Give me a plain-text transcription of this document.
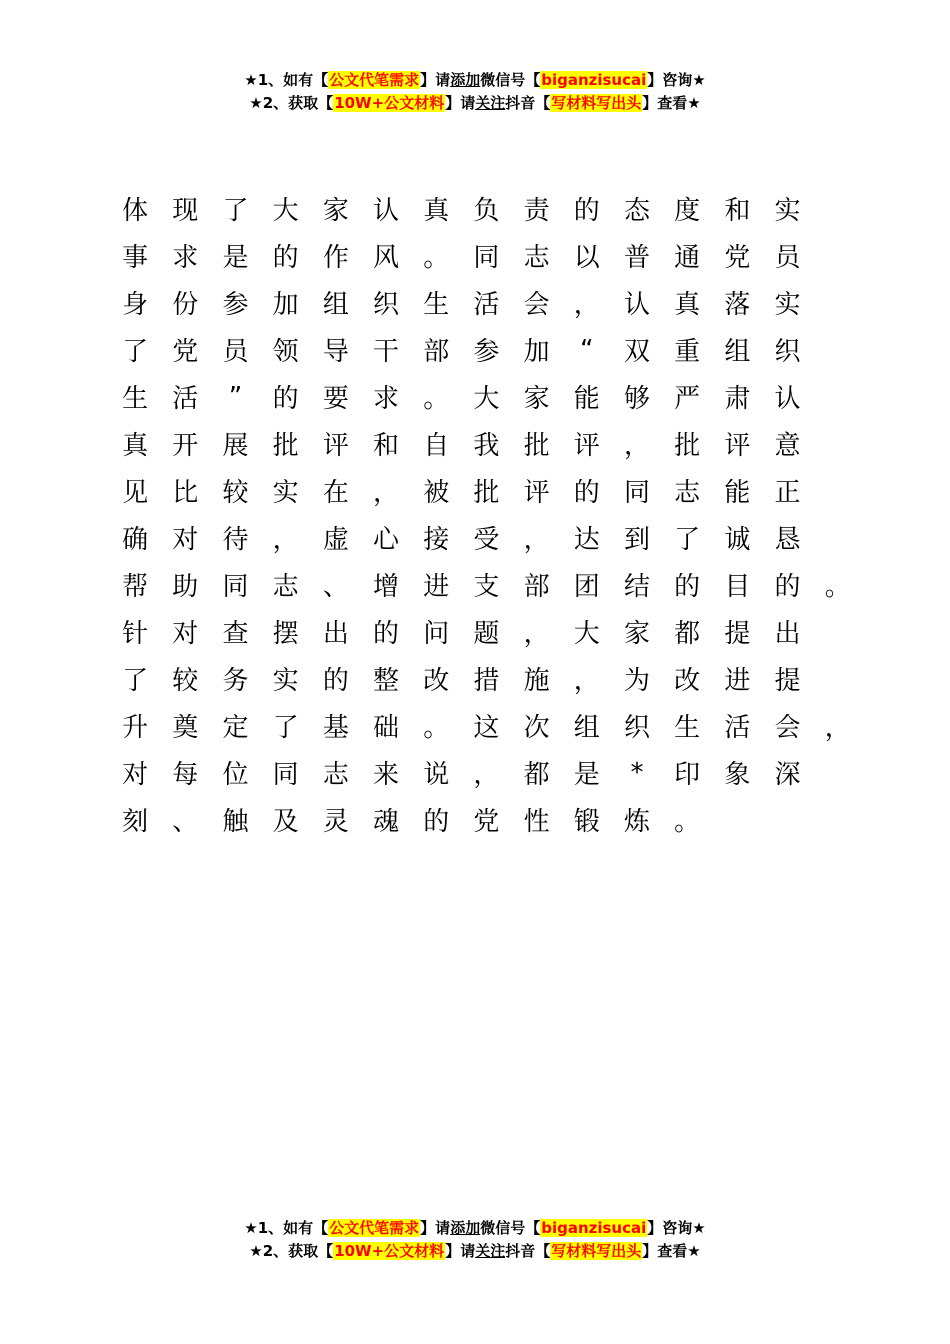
★1、如有【公文代笔需求】请添加微信号【biganzisucai】咨询★
★2、获取【10W+公文材料】请关注抖音【写材料写出头】查看★
体 现 了 大 家 认 真 负 责 的 态 度 和 实
事 求 是 的 作 风 。 同 志 以 普 通 党 员
身 份 参 加 组 织 生 活 会 ， 认 真 落 实
了 党 员 领 导 干 部 参 加	“	双 重 组 织
生 活	”	的 要 求 。 大 家 能 够 严 肃 认
真 开 展 批 评 和 自 我 批 评 ， 批 评 意
见 比 较 实 在 ， 被 批 评 的 同 志 能 正
确 对 待 ， 虚 心 接 受 ， 达 到 了 诚 恳
帮 助 同 志 、 增 进 支 部 团 结 的 目 的 。
针 对 查 摆 出 的 问 题 ， 大 家 都 提 出
了 较 务 实 的 整 改 措 施 ， 为 改 进 提
升 奠 定 了 基 础 。 这 次 组 织 生 活 会 ，
对 每 位 同 志 来 说 ， 都 是	*	印 象 深
刻 、 触 及 灵 魂 的 党 性 锻 炼 。
★1、如有【公文代笔需求】请添加微信号【biganzisucai】咨询★
★2、获取【10W+公文材料】请关注抖音【写材料写出头】查看★
